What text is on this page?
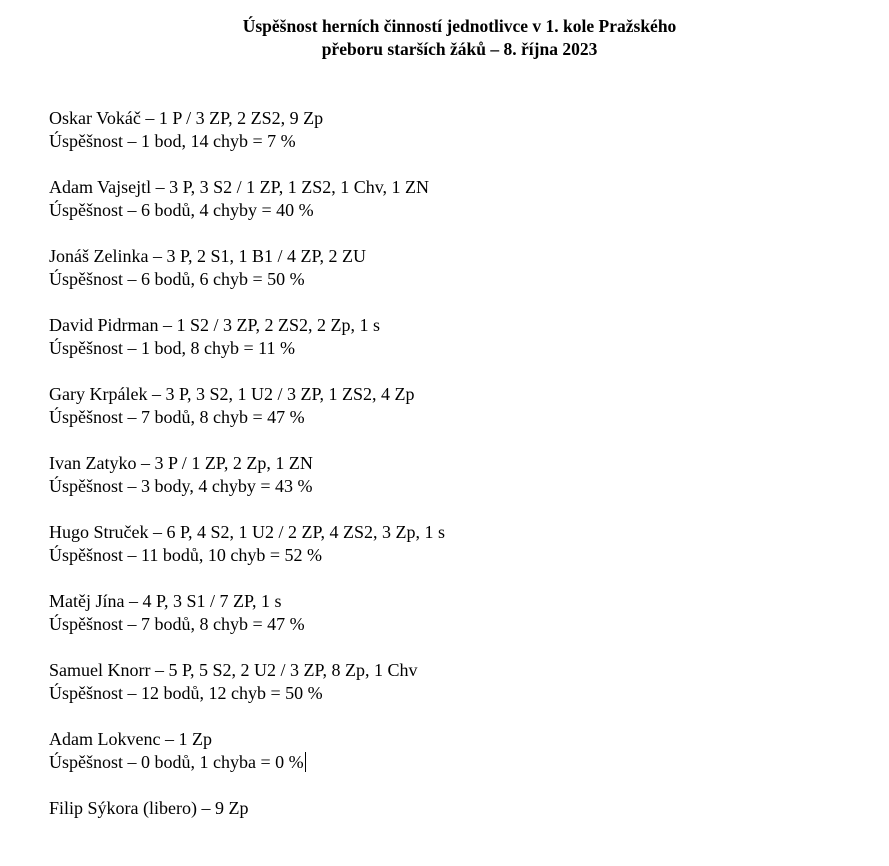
Úspěšnost herních činností jednotlivce v 1. kole Pražského
přeboru starších žáků – 8. října 2023
Oskar Vokáč – 1 P / 3 ZP, 2 ZS2, 9 Zp
Úspěšnost – 1 bod, 14 chyb = 7 %
Adam Vajsejtl – 3 P, 3 S2 / 1 ZP, 1 ZS2, 1 Chv, 1 ZN
Úspěšnost – 6 bodů, 4 chyby = 40 %
Jonáš Zelinka – 3 P, 2 S1, 1 B1 / 4 ZP, 2 ZU
Úspěšnost – 6 bodů, 6 chyb = 50 %
David Pidrman – 1 S2 / 3 ZP, 2 ZS2, 2 Zp, 1 s
Úspěšnost – 1 bod, 8 chyb = 11 %
Gary Krpálek – 3 P, 3 S2, 1 U2 / 3 ZP, 1 ZS2, 4 Zp
Úspěšnost – 7 bodů, 8 chyb = 47 %
Ivan Zatyko – 3 P / 1 ZP, 2 Zp, 1 ZN
Úspěšnost – 3 body, 4 chyby = 43 %
Hugo Struček – 6 P, 4 S2, 1 U2 / 2 ZP, 4 ZS2, 3 Zp, 1 s
Úspěšnost – 11 bodů, 10 chyb = 52 %
Matěj Jína – 4 P, 3 S1 / 7 ZP, 1 s
Úspěšnost – 7 bodů, 8 chyb = 47 %
Samuel Knorr – 5 P, 5 S2, 2 U2 / 3 ZP, 8 Zp, 1 Chv
Úspěšnost – 12 bodů, 12 chyb = 50 %
Adam Lokvenc – 1 Zp
Úspěšnost – 0 bodů, 1 chyba = 0 %
Filip Sýkora (libero) – 9 Zp
